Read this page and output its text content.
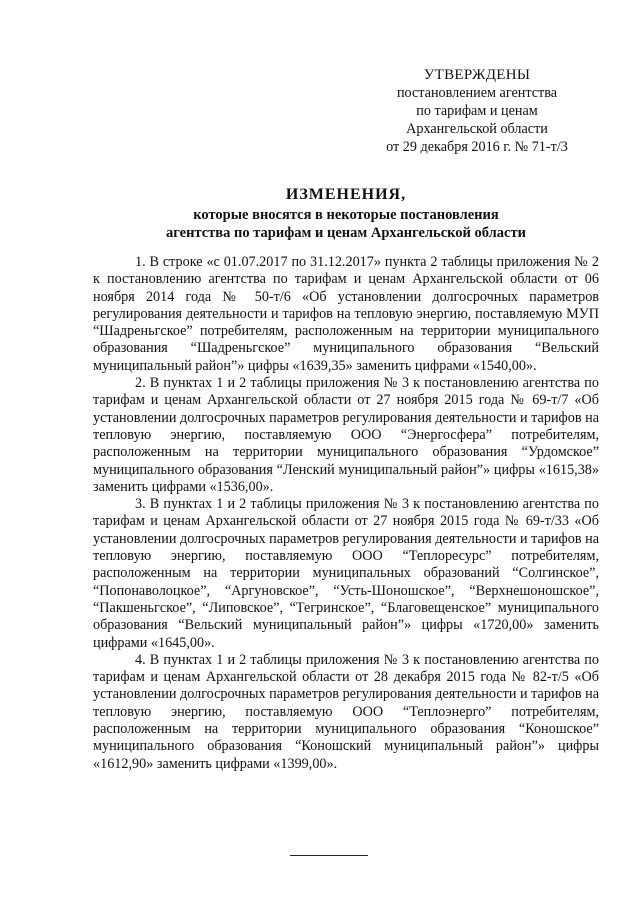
УТВЕРЖДЕНЫ
постановлением агентства
по тарифам и ценам
Архангельской области
от 29 декабря 2016 г. № 71-т/3
ИЗМЕНЕНИЯ,
которые вносятся в некоторые постановления
агентства по тарифам и ценам Архангельской области

1. В строке «с 01.07.2017 по 31.12.2017» пункта 2 таблицы приложения № 2 к постановлению агентства по тарифам и ценам Архангельской области от 06 ноября 2014 года № 50-т/6 «Об установлении долгосрочных параметров регулирования деятельности и тарифов на тепловую энергию, поставляемую МУП “Шадреньгское” потребителям, расположенным на территории муниципального образования “Шадреньгское” муниципального образования “Вельский муниципальный район”» цифры «1639,35» заменить цифрами «1540,00».

2. В пунктах 1 и 2 таблицы приложения № 3 к постановлению агентства по тарифам и ценам Архангельской области от 27 ноября 2015 года № 69-т/7 «Об установлении долгосрочных параметров регулирования деятельности и тарифов на тепловую энергию, поставляемую ООО “Энергосфера” потребителям, расположенным на территории муниципального образования “Урдомское” муниципального образования “Ленский муниципальный район”» цифры «1615,38» заменить цифрами «1536,00».

3. В пунктах 1 и 2 таблицы приложения № 3 к постановлению агентства по тарифам и ценам Архангельской области от 27 ноября 2015 года № 69-т/33 «Об установлении долгосрочных параметров регулирования деятельности и тарифов на тепловую энергию, поставляемую ООО “Теплоресурс” потребителям, расположенным на территории муниципальных образований “Солгинское”, “Попонаволоцкое”, “Аргуновское”, “Усть-Шоношское”, “Верхнешоношское”, “Пакшеньгское”, “Липовское”, “Тегринское”, “Благовещенское” муниципального образования “Вельский муниципальный район”» цифры «1720,00» заменить цифрами «1645,00».

4. В пунктах 1 и 2 таблицы приложения № 3 к постановлению агентства по тарифам и ценам Архангельской области от 28 декабря 2015 года № 82-т/5 «Об установлении долгосрочных параметров регулирования деятельности и тарифов на тепловую энергию, поставляемую ООО “Теплоэнерго” потребителям, расположенным на территории муниципального образования “Коношское” муниципального образования “Коношский муниципальный район”» цифры «1612,90» заменить цифрами «1399,00».
